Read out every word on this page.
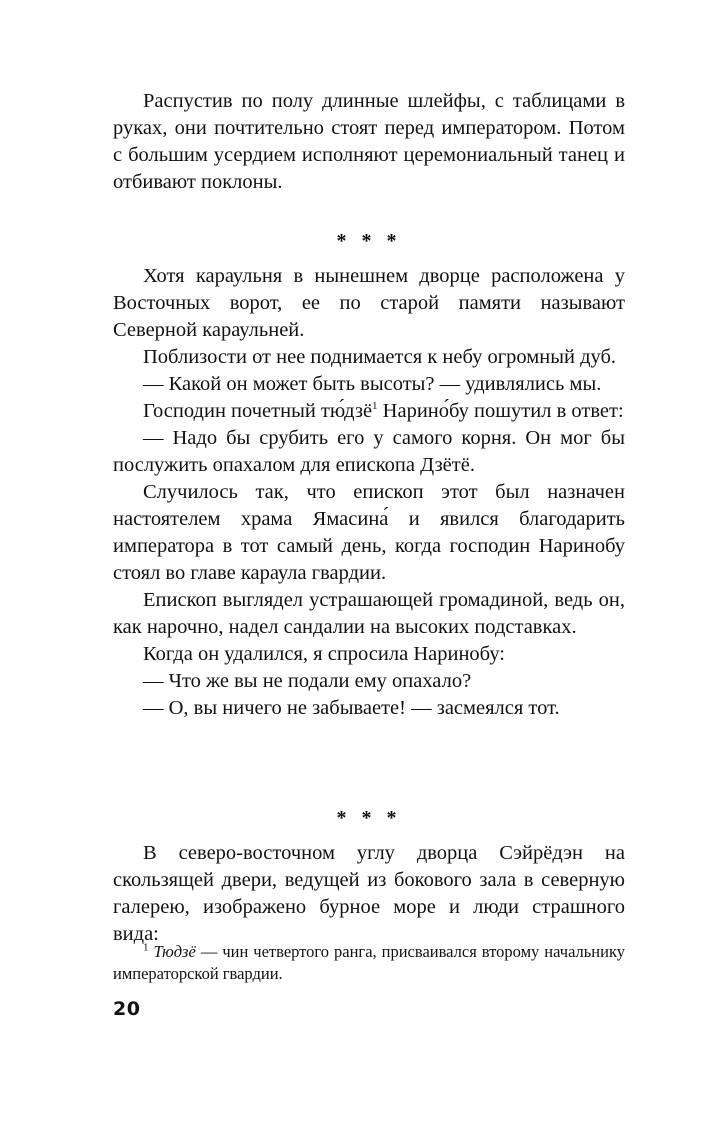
Распустив по полу длинные шлейфы, с таблицами в руках, они почтительно стоят перед императором. Потом с большим усердием исполняют церемониальный танец и отбивают поклоны.

* * *

Хотя караульня в нынешнем дворце расположена у Восточных ворот, ее по старой памяти называют Северной караульней.

Поблизости от нее поднимается к небу огромный дуб.

— Какой он может быть высоты? — удивлялись мы.

Господин почетный тю́дзё$^1$ Нарино́бу пошутил в ответ:

— Надо бы срубить его у самого корня. Он мог бы послужить опахалом для епископа Дзётё.

Случилось так, что епископ этот был назначен настоятелем храма Ямасина́ и явился благодарить императора в тот самый день, когда господин Наринобу стоял во главе караула гвардии.

Епископ выглядел устрашающей громадиной, ведь он, как нарочно, надел сандалии на высоких подставках.

Когда он удалился, я спросила Наринобу:

— Что же вы не подали ему опахало?

— О, вы ничего не забываете! — засмеялся тот.

* * *

В северо-восточном углу дворца Сэйрёдэн на скользящей двери, ведущей из бокового зала в северную галерею, изображено бурное море и люди страшного вида:

$^1$ Тюдзё — чин четвертого ранга, присваивался второму начальнику императорской гвардии.

20
